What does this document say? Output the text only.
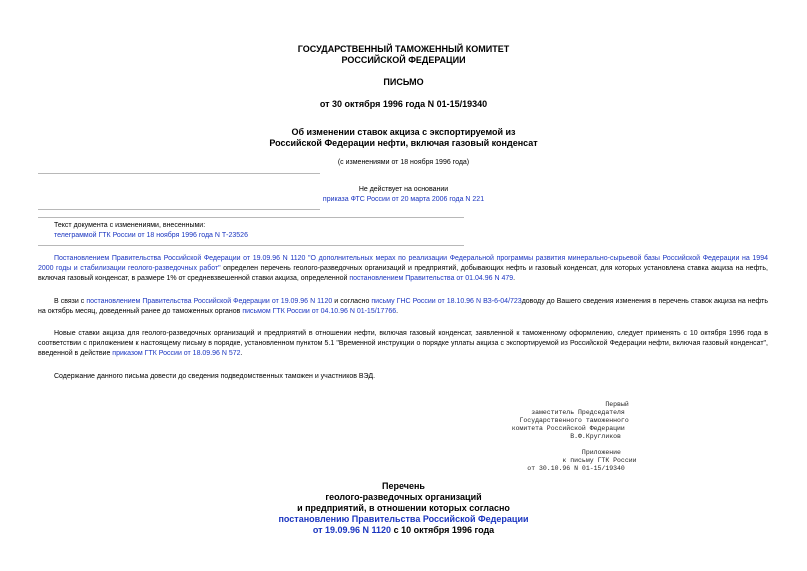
ГОСУДАРСТВЕННЫЙ ТАМОЖЕННЫЙ КОМИТЕТ
РОССИЙСКОЙ ФЕДЕРАЦИИ
ПИСЬМО
от 30 октября 1996 года N 01-15/19340
Об изменении ставок акциза с экспортируемой из
Российской Федерации нефти, включая газовый конденсат
(с изменениями от 18 ноября 1996 года)
Не действует на основании
приказа ФТС России от 20 марта 2006 года N 221
Текст документа с изменениями, внесенными:
телеграммой ГТК России от 18 ноября 1996 года N Т-23526
Постановлением Правительства Российской Федерации от 19.09.96 N 1120 "О дополнительных мерах по реализации Федеральной программы развития минерально-сырьевой базы Российской Федерации на 1994 2000 годы и стабилизации геолого-разведочных работ" определен перечень геолого-разведочных организаций и предприятий, добывающих нефть и газовый конденсат, для которых установлена ставка акциза на нефть, включая газовый конденсат, в размере 1% от средневзвешенной ставки акциза, определенной постановлением Правительства от 01.04.96 N 479.
В связи с постановлением Правительства Российской Федерации от 19.09.96 N 1120 и согласно письму ГНС России от 18.10.96 N ВЗ-6-04/723доводу до Вашего сведения изменения в перечень ставок акциза на нефть на октябрь месяц, доведенный ранее до таможенных органов письмом ГТК России от 04.10.96 N 01-15/17766.
Новые ставки акциза для геолого-разведочных организаций и предприятий в отношении нефти, включая газовый конденсат, заявленной к таможенному оформлению, следует применять с 10 октября 1996 года в соответствии с приложением к настоящему письму в порядке, установленном пунктом 5.1 "Временной инструкции о порядке уплаты акциза с экспортируемой из Российской Федерации нефти, включая газовый конденсат", введенной в действие приказом ГТК России от 18.09.96 N 572.
Содержание данного письма довести до сведения подведомственных таможен и участников ВЭД.
Первый
заместитель Председателя
Государственного таможенного
комитета Российской Федерации
В.Ф.Кругликов
Приложение
к письму ГТК России
от 30.10.96 N 01-15/19340
Перечень
геолого-разведочных организаций
и предприятий, в отношении которых согласно
постановлению Правительства Российской Федерации
от 19.09.96 N 1120 с 10 октября 1996 года
